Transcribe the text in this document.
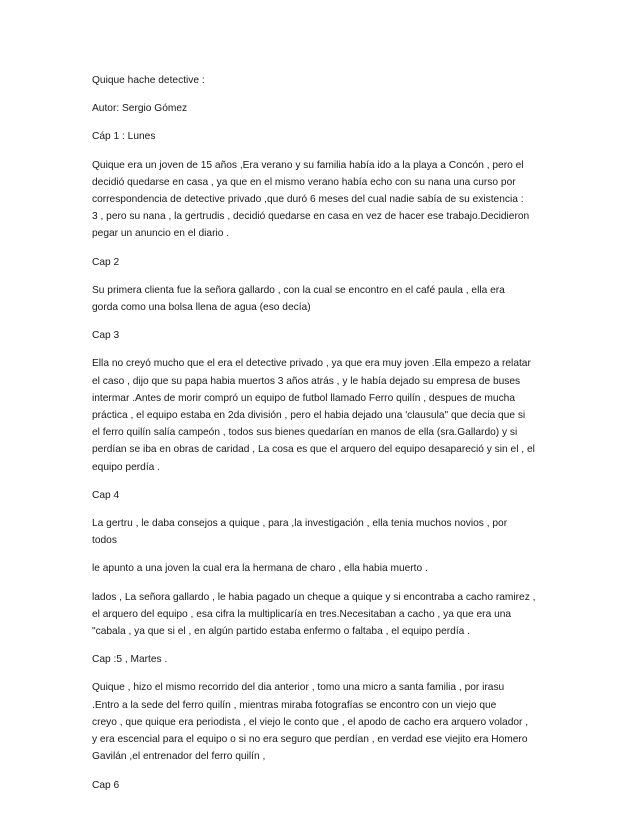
Quique hache detective :

Autor: Sergio Gómez

Cáp 1 : Lunes

Quique era un joven de 15 años ,Era verano y su familia había ido a la playa a Concón , pero el
decidió quedarse en casa , ya que en el mismo verano había echo con su nana una curso por
correspondencia de detective privado ,que duró 6 meses del cual nadie sabía de su existencia :
3 , pero su nana , la gertrudis , decidió quedarse en casa en vez de hacer ese trabajo.Decidieron
pegar un anuncio en el diario .

Cap 2

Su primera clienta fue la señora gallardo , con la cual se encontro en el café paula , ella era
gorda como una bolsa llena de agua (eso decía)

Cap 3

Ella no creyó mucho que el era el detective privado , ya que era muy joven .Ella empezo a relatar
el caso , dijo que su papa habia muertos 3 años atrás , y le había dejado su empresa de buses
intermar .Antes de morir compró un equipo de futbol llamado Ferro quilín , despues de mucha
práctica , el equipo estaba en 2da división , pero el habia dejado una 'clausula" que decia que si
el ferro quilín salía campeón , todos sus bienes quedarían en manos de ella (sra.Gallardo) y si
perdían se iba en obras de caridad , La cosa es que el arquero del equipo desapareció y sin el , el
equipo perdía .

Cap 4

La gertru , le daba consejos a quique , para ,la investigación , ella tenia muchos novios , por
todos

le apunto a una joven la cual era la hermana de charo , ella habia muerto .

lados , La señora gallardo , le habia pagado un cheque a quique y si encontraba a cacho ramirez ,
el arquero del equipo , esa cifra la multiplicaría en tres.Necesitaban a cacho , ya que era una
"cabala , ya que si el , en algún partido estaba enfermo o faltaba , el equipo perdía .

Cap :5 , Martes .

Quique , hizo el mismo recorrido del dia anterior , tomo una micro a santa familia , por irasu
.Entro a la sede del ferro quilín , mientras miraba fotografías se encontro con un viejo que
creyo , que quique era periodista , el viejo le conto que , el apodo de cacho era arquero volador ,
y era escencial para el equipo o si no era seguro que perdían , en verdad ese viejito era Homero
Gavilán ,el entrenador del ferro quilín ,

Cap 6
